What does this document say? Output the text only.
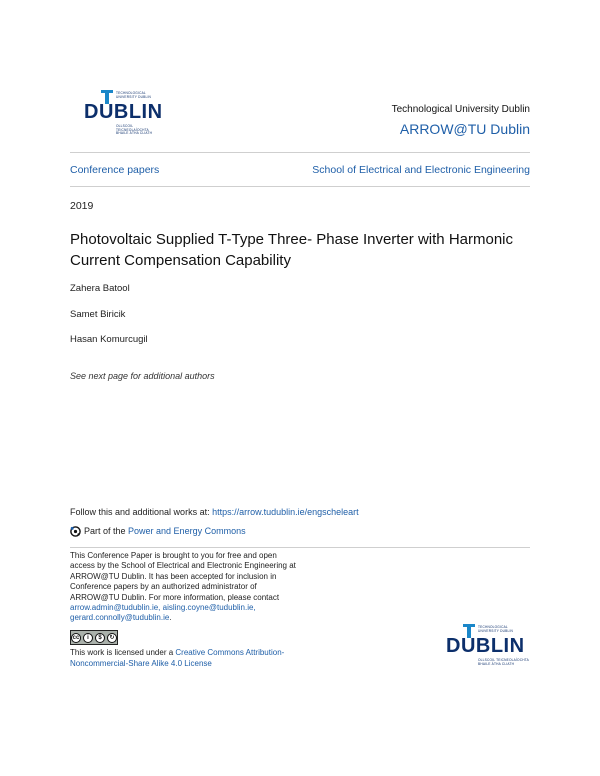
TECHNOLOGICAL
UNIVERSITY DUBLIN
DUBLIN
OLLSCOIL TEICNEOLAÍOCHTA
BHAILE ÁTHA CLIATH
Technological University Dublin
ARROW@TU Dublin
Conference papers	School of Electrical and Electronic Engineering
2019
Photovoltaic Supplied T-Type Three- Phase Inverter with Harmonic Current Compensation Capability
Zahera Batool
Samet Biricik
Hasan Komurcugil
See next page for additional authors
Follow this and additional works at: https://arrow.tudublin.ie/engscheleart
Part of the Power and Energy Commons
This Conference Paper is brought to you for free and open access by the School of Electrical and Electronic Engineering at ARROW@TU Dublin. It has been accepted for inclusion in Conference papers by an authorized administrator of ARROW@TU Dublin. For more information, please contact arrow.admin@tudublin.ie, aisling.coyne@tudublin.ie, gerard.connolly@tudublin.ie.
cc	i	$	↻
This work is licensed under a Creative Commons Attribution-Noncommercial-Share Alike 4.0 License
TECHNOLOGICAL
UNIVERSITY DUBLIN
DUBLIN
OLLSCOIL TEICNEOLAÍOCHTA
BHAILE ÁTHA CLIATH
